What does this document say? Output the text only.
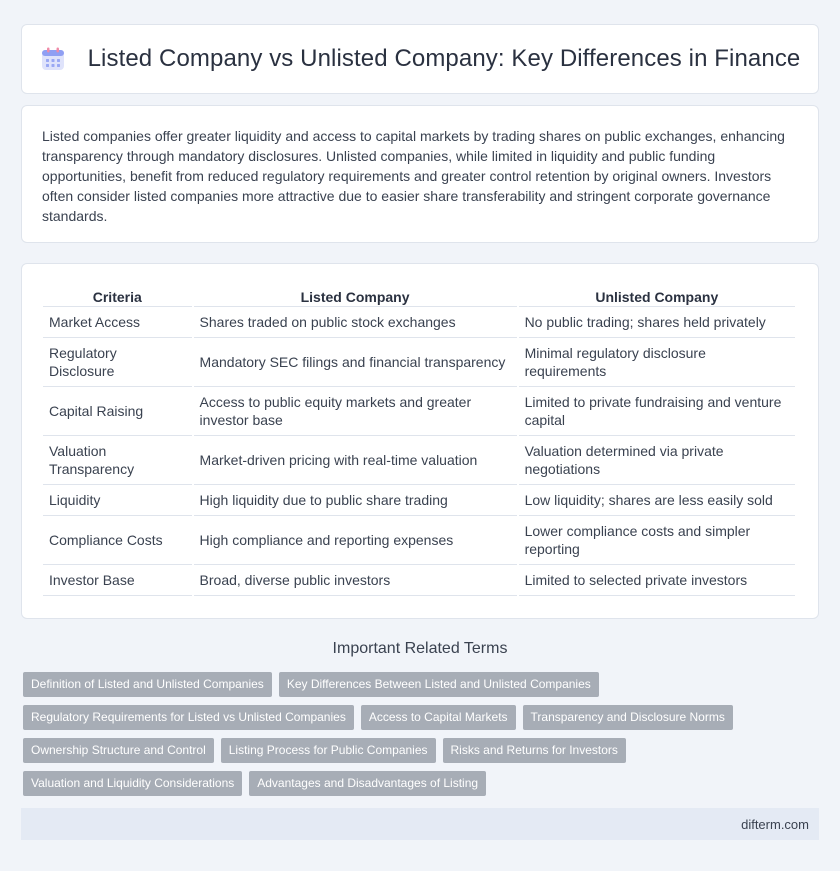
Listed Company vs Unlisted Company: Key Differences in Finance

Listed companies offer greater liquidity and access to capital markets by trading shares on public exchanges, enhancing transparency through mandatory disclosures. Unlisted companies, while limited in liquidity and public funding opportunities, benefit from reduced regulatory requirements and greater control retention by original owners. Investors often consider listed companies more attractive due to easier share transferability and stringent corporate governance standards.

Criteria	Listed Company	Unlisted Company
Market Access	Shares traded on public stock exchanges	No public trading; shares held privately
Regulatory Disclosure	Mandatory SEC filings and financial transparency	Minimal regulatory disclosure requirements
Capital Raising	Access to public equity markets and greater investor base	Limited to private fundraising and venture capital
Valuation Transparency	Market-driven pricing with real-time valuation	Valuation determined via private negotiations
Liquidity	High liquidity due to public share trading	Low liquidity; shares are less easily sold
Compliance Costs	High compliance and reporting expenses	Lower compliance costs and simpler reporting
Investor Base	Broad, diverse public investors	Limited to selected private investors
Important Related Terms
Definition of Listed and Unlisted Companies	Key Differences Between Listed and Unlisted Companies
Regulatory Requirements for Listed vs Unlisted Companies	Access to Capital Markets	Transparency and Disclosure Norms
Ownership Structure and Control	Listing Process for Public Companies	Risks and Returns for Investors
Valuation and Liquidity Considerations	Advantages and Disadvantages of Listing
difterm.com
